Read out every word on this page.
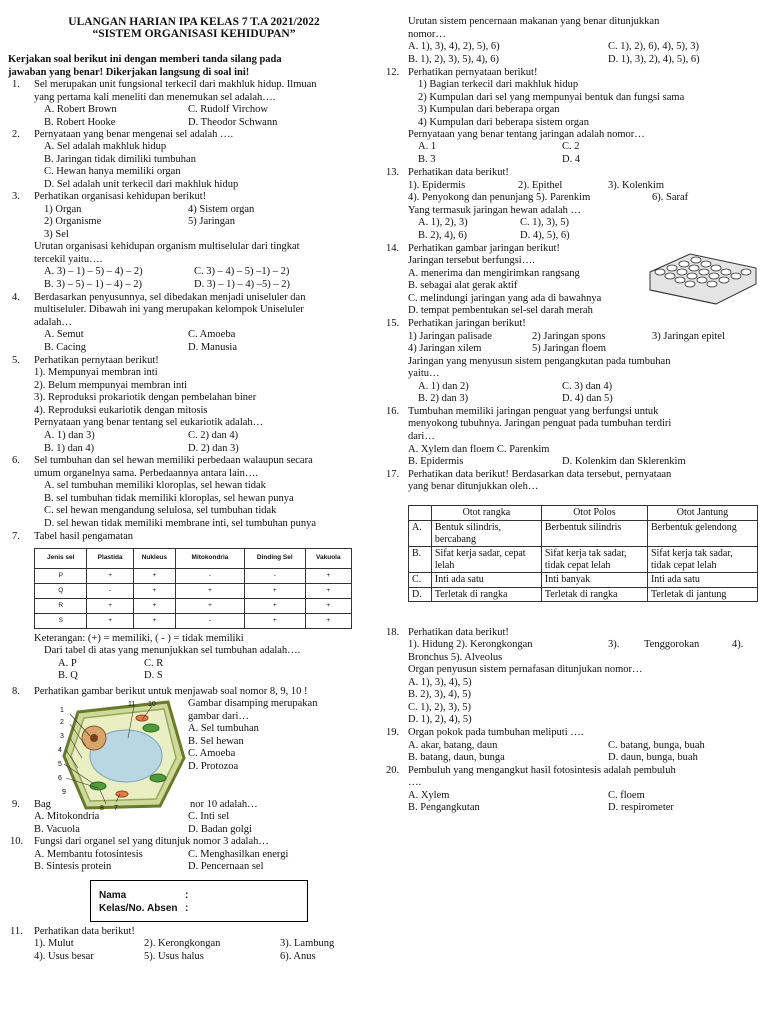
ULANGAN HARIAN IPA KELAS 7 T.A 2021/2022
“SISTEM ORGANISASI KEHIDUPAN”
Kerjakan soal berikut ini dengan memberi tanda silang pada
jawaban yang benar! Dikerjakan langsung di soal ini!
1. Sel merupakan unit fungsional terkecil dari makhluk hidup. Ilmuan
yang pertama kali meneliti dan menemukan sel adalah….
A. Robert Brown	C. Rudolf Virchow
B. Robert Hooke	D. Theodor Schwann
2. Pernyataan yang benar mengenai sel adalah ….
A. Sel adalah makhluk hidup
B. Jaringan tidak dimiliki tumbuhan
C. Hewan hanya memiliki organ
D. Sel adalah unit terkecil dari makhluk hidup
3. Perhatikan organisasi kehidupan berikut!
1) Organ	4) Sistem organ
2) Organisme	5) Jaringan
3) Sel
Urutan organisasi kehidupan organism multiselular dari tingkat
tercekil yaitu….
A. 3) – 1) – 5) – 4) – 2)	C. 3) – 4) – 5) –1) – 2)
B. 3) – 5) – 1) – 4) – 2)	D. 3) – 1) – 4) –5) – 2)
4. Berdasarkan penyusunnya, sel dibedakan menjadi uniseluler dan
multiseluler. Dibawah ini yang merupakan kelompok Uniseluler
adalah…
A. Semut	C. Amoeba
B. Cacing	D. Manusia
5. Perhatikan pernytaan berikut!
1). Mempunyai membran inti
2). Belum mempunyai membran inti
3). Reproduksi prokariotik dengan pembelahan biner
4). Reproduksi eukariotik dengan mitosis
Pernyataan yang benar tentang sel eukariotik adalah…
A. 1) dan 3)	C. 2) dan 4)
B. 1) dan 4)	D. 2) dan 3)
6. Sel tumbuhan dan sel hewan memiliki perbedaan walaupun secara
umum organelnya sama. Perbedaannya antara lain….
A. sel tumbuhan memiliki kloroplas, sel hewan tidak
B. sel tumbuhan tidak memiliki kloroplas, sel hewan punya
C. sel hewan mengandung selulosa, sel tumbuhan tidak
D. sel hewan tidak memiliki membrane inti, sel tumbuhan punya
7. Tabel hasil pengamatan
Jenis sel	Plastida	Nukleus	Mitokondria	Dinding Sel	Vakuola
P	+	+	-	-	+
Q	-	+	+	+	+
R	+	+	+	+	+
S	+	+	-	+	+
Keterangan: (+) = memiliki, ( - ) = tidak memiliki
Dari tabel di atas yang menunjukkan sel tumbuhan adalah….
A. P	C. R
B. Q	D. S
8. Perhatikan gambar berikut untuk menjawab soal nomor 8, 9, 10 !
1
2
3
4
5
6
7
8
9
10
11	Gambar disamping merupakan
gambar dari…
A. Sel tumbuhan
B. Sel hewan
C. Amoeba
D. Protozoa
9. Bag	nor 10 adalah…
A. Mitokondria	C. Inti sel
B. Vacuola	D. Badan golgi
10. Fungsi dari organel sel yang ditunjuk nomor 3 adalah…
A. Membantu fotosintesis	C. Menghasilkan energi
B. Sintesis protein	D. Pencernaan sel
Nama	:
Kelas/No. Absen :
11. Perhatikan data berikut!
1). Mulut	2). Kerongkongan	3). Lambung
4). Usus besar	5). Usus halus	6). Anus
Urutan sistem pencernaan makanan yang benar ditunjukkan
nomor…
A. 1), 3), 4), 2), 5), 6)	C. 1), 2), 6), 4), 5), 3)
B. 1), 2), 3), 5), 4), 6)	D. 1), 3), 2), 4), 5), 6)
12. Perhatikan pernyataan berikut!
1) Bagian terkecil dari makhluk hidup
2) Kumpulan dari sel yang mempunyai bentuk dan fungsi sama
3) Kumpulan dari beberapa organ
4) Kumpulan dari beberapa sistem organ
Pernyataan yang benar tentang jaringan adalah nomor…
A. 1	C. 2
B. 3	D. 4
13. Perhatikan data berikut!
1). Epidermis	2). Epithel	3). Kolenkim
4). Penyokong dan penunjang 5). Parenkim	6). Saraf
Yang termasuk jaringan hewan adalah …
A. 1), 2), 3)	C. 1), 3), 5)
B. 2), 4), 6)	D. 4), 5), 6)
14. Perhatikan gambar jaringan berikut!
Jaringan tersebut berfungsi….
A. menerima dan mengirimkan rangsang
B. sebagai alat gerak aktif
C. melindungi jaringan yang ada di bawahnya
D. tempat pembentukan sel-sel darah merah
15. Perhatikan jaringan berikut!
1) Jaringan palisade	2) Jaringan spons	3) Jaringan epitel
4) Jaringan xilem	5) Jaringan floem
Jaringan yang menyusun sistem pengangkutan pada tumbuhan
yaitu…
A. 1) dan 2)	C. 3) dan 4)
B. 2) dan 3)	D. 4) dan 5)
16. Tumbuhan memiliki jaringan penguat yang berfungsi untuk
menyokong tubuhnya. Jaringan penguat pada tumbuhan terdiri
dari…
A. Xylem dan floem C. Parenkim
B. Epidermis	D. Kolenkim dan Sklerenkim
17. Perhatikan data berikut! Berdasarkan data tersebut, pernyataan
yang benar ditunjukkan oleh…
	Otot rangka	Otot Polos	Otot Jantung
A.	Bentuk silindris, bercabang	Berbentuk silindris	Berbentuk gelendong
B.	Sifat kerja sadar, cepat lelah	Sifat kerja tak sadar, tidak cepat lelah	Sifat kerja tak sadar, tidak cepat lelah
C.	Inti ada satu	Inti banyak	Inti ada satu
D.	Terletak di rangka	Terletak di rangka	Terletak di jantung
18. Perhatikan data berikut!
1). Hidung 2). Kerongkongan	3). Tenggorokan	4).
Bronchus 5). Alveolus
Organ penyusun sistem pernafasan ditunjukan nomor…
A. 1), 3), 4), 5)
B. 2), 3), 4), 5)
C. 1), 2), 3), 5)
D. 1), 2), 4), 5)
19. Organ pokok pada tumbuhan meliputi ….
A. akar, batang, daun	C. batang, bunga, buah
B. batang, daun, bunga	D. daun, bunga, buah
20. Pembuluh yang mengangkut hasil fotosintesis adalah pembuluh
….
A. Xylem	C. floem
B. Pengangkutan	D. respirometer
